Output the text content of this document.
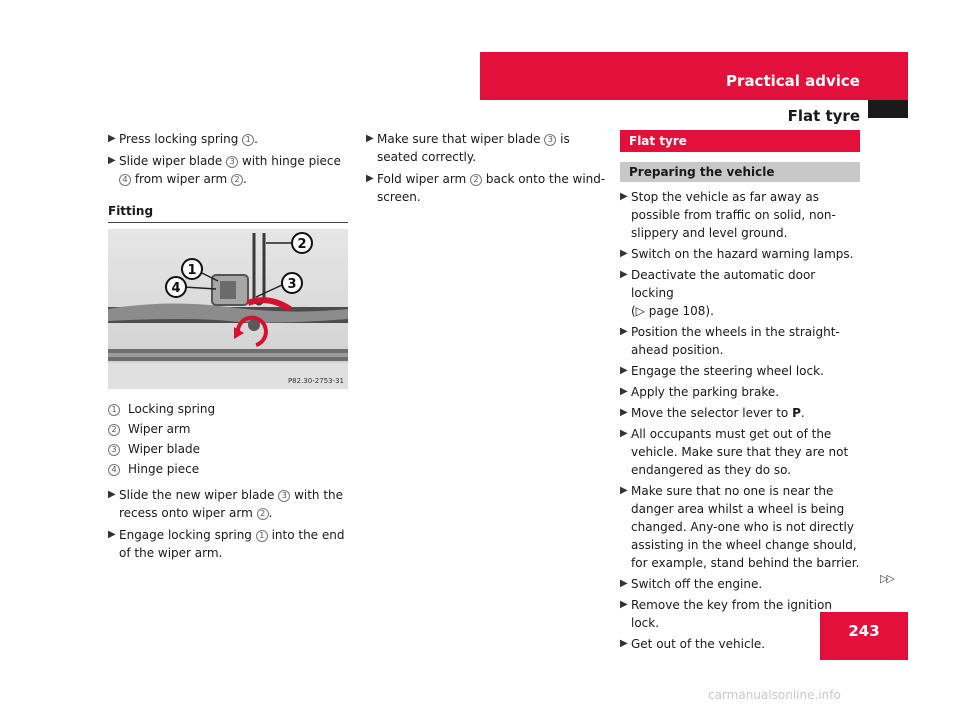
Practical advice
Flat tyre
▶ Press locking spring 1 .
▶ Slide wiper blade 3 with hinge piece 4 from wiper arm 2 .
Fitting
2
1
4	3
P82.30-2753-31
1 Locking spring
2 Wiper arm
3 Wiper blade
4 Hinge piece
▶ Slide the new wiper blade 3 with the recess onto wiper arm 2 .
▶ Engage locking spring 1 into the end of the wiper arm.
▶ Make sure that wiper blade 3 is seated correctly.
▶ Fold wiper arm 2 back onto the wind-screen.
Flat tyre
Preparing the vehicle
▶ Stop the vehicle as far away as possible from traffic on solid, non-slippery and level ground.
▶ Switch on the hazard warning lamps.
▶ Deactivate the automatic door locking
(▷ page 108).
▶ Position the wheels in the straight-ahead position.
▶ Engage the steering wheel lock.
▶ Apply the parking brake.
▶ Move the selector lever to P.
▶ All occupants must get out of the vehicle. Make sure that they are not endangered as they do so.
▶ Make sure that no one is near the danger area whilst a wheel is being changed. Any-one who is not directly assisting in the wheel change should, for example, stand behind the barrier.
▶ Switch off the engine.
▶ Remove the key from the ignition lock.
▶ Get out of the vehicle.
▷▷
243
carmanualsonline.info
